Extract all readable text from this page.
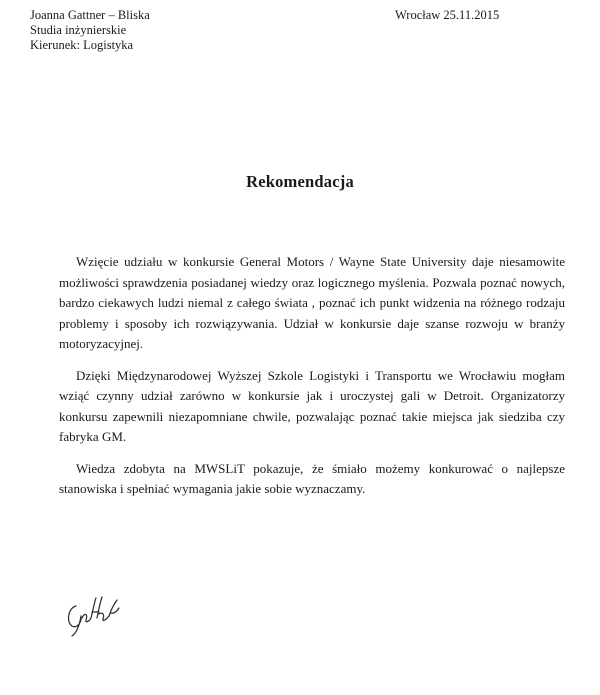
Joanna Gattner – Bliska
Studia inżynierskie
Kierunek: Logistyka
Wrocław 25.11.2015
Rekomendacja

Wzięcie udziału w konkursie General Motors / Wayne State University daje niesamowite możliwości sprawdzenia posiadanej wiedzy oraz logicznego myślenia. Pozwala poznać nowych, bardzo ciekawych ludzi niemal z całego świata , poznać ich punkt widzenia na różnego rodzaju problemy i sposoby ich rozwiązywania. Udział w konkursie daje szanse rozwoju w branży motoryzacyjnej.

Dzięki Międzynarodowej Wyższej Szkole Logistyki i Transportu we Wrocławiu mogłam wziąć czynny udział zarówno w konkursie jak i uroczystej gali w Detroit. Organizatorzy konkursu zapewnili niezapomniane chwile, pozwalając poznać takie miejsca jak siedziba czy fabryka GM.

Wiedza zdobyta na MWSLiT pokazuje, że śmiało możemy konkurować o najlepsze stanowiska i spełniać wymagania jakie sobie wyznaczamy.
